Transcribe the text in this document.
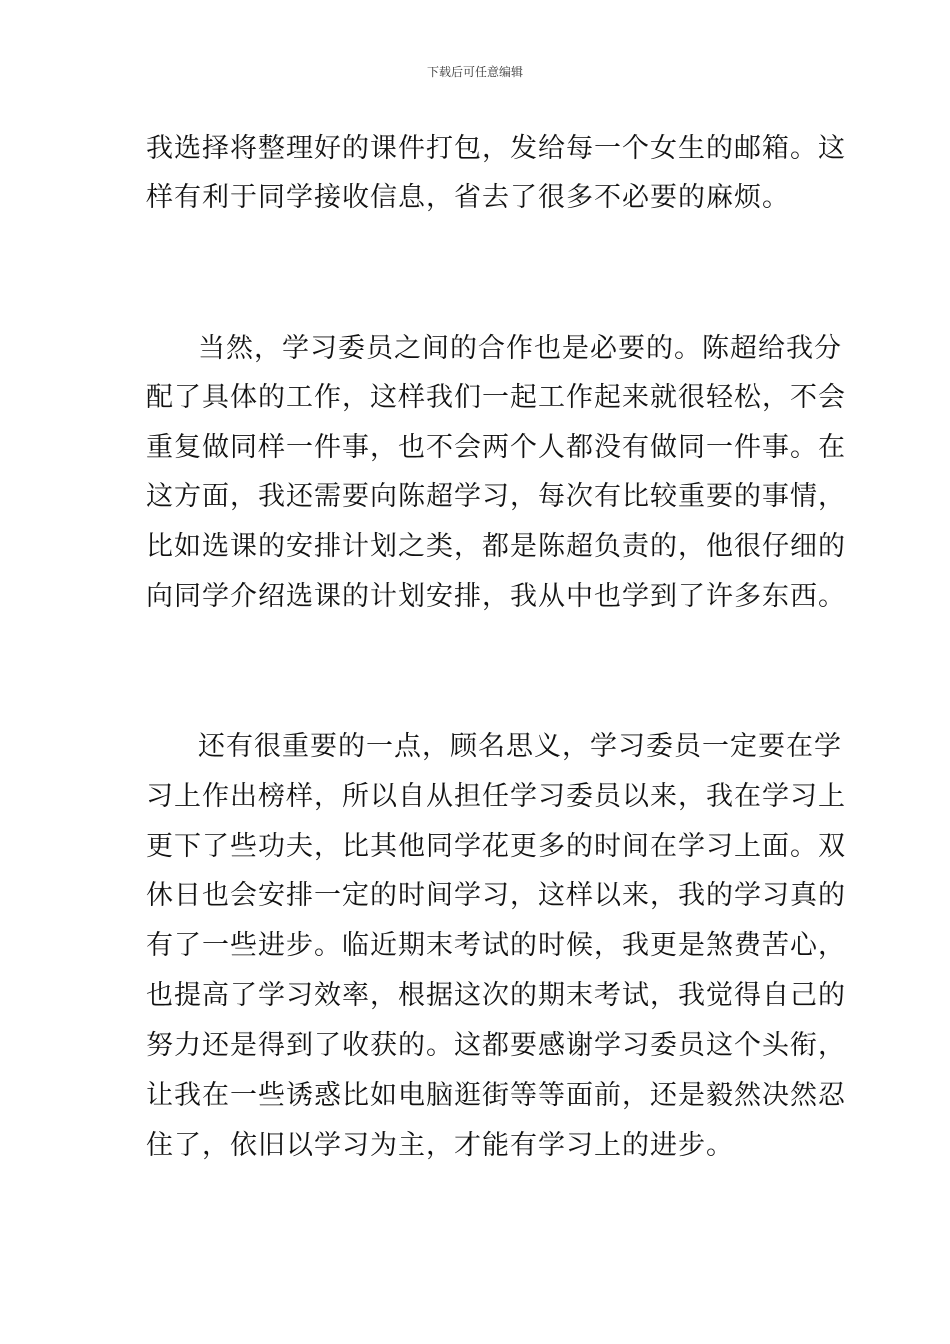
下载后可任意编辑
我选择将整理好的课件打包，发给每一个女生的邮箱。这
样有利于同学接收信息，省去了很多不必要的麻烦。
当然，学习委员之间的合作也是必要的。陈超给我分
配了具体的工作，这样我们一起工作起来就很轻松，不会
重复做同样一件事，也不会两个人都没有做同一件事。在
这方面，我还需要向陈超学习，每次有比较重要的事情，
比如选课的安排计划之类，都是陈超负责的，他很仔细的
向同学介绍选课的计划安排，我从中也学到了许多东西。
还有很重要的一点，顾名思义，学习委员一定要在学
习上作出榜样，所以自从担任学习委员以来，我在学习上
更下了些功夫，比其他同学花更多的时间在学习上面。双
休日也会安排一定的时间学习，这样以来，我的学习真的
有了一些进步。临近期末考试的时候，我更是煞费苦心，
也提高了学习效率，根据这次的期末考试，我觉得自己的
努力还是得到了收获的。这都要感谢学习委员这个头衔，
让我在一些诱惑比如电脑逛街等等面前，还是毅然决然忍
住了，依旧以学习为主，才能有学习上的进步。
